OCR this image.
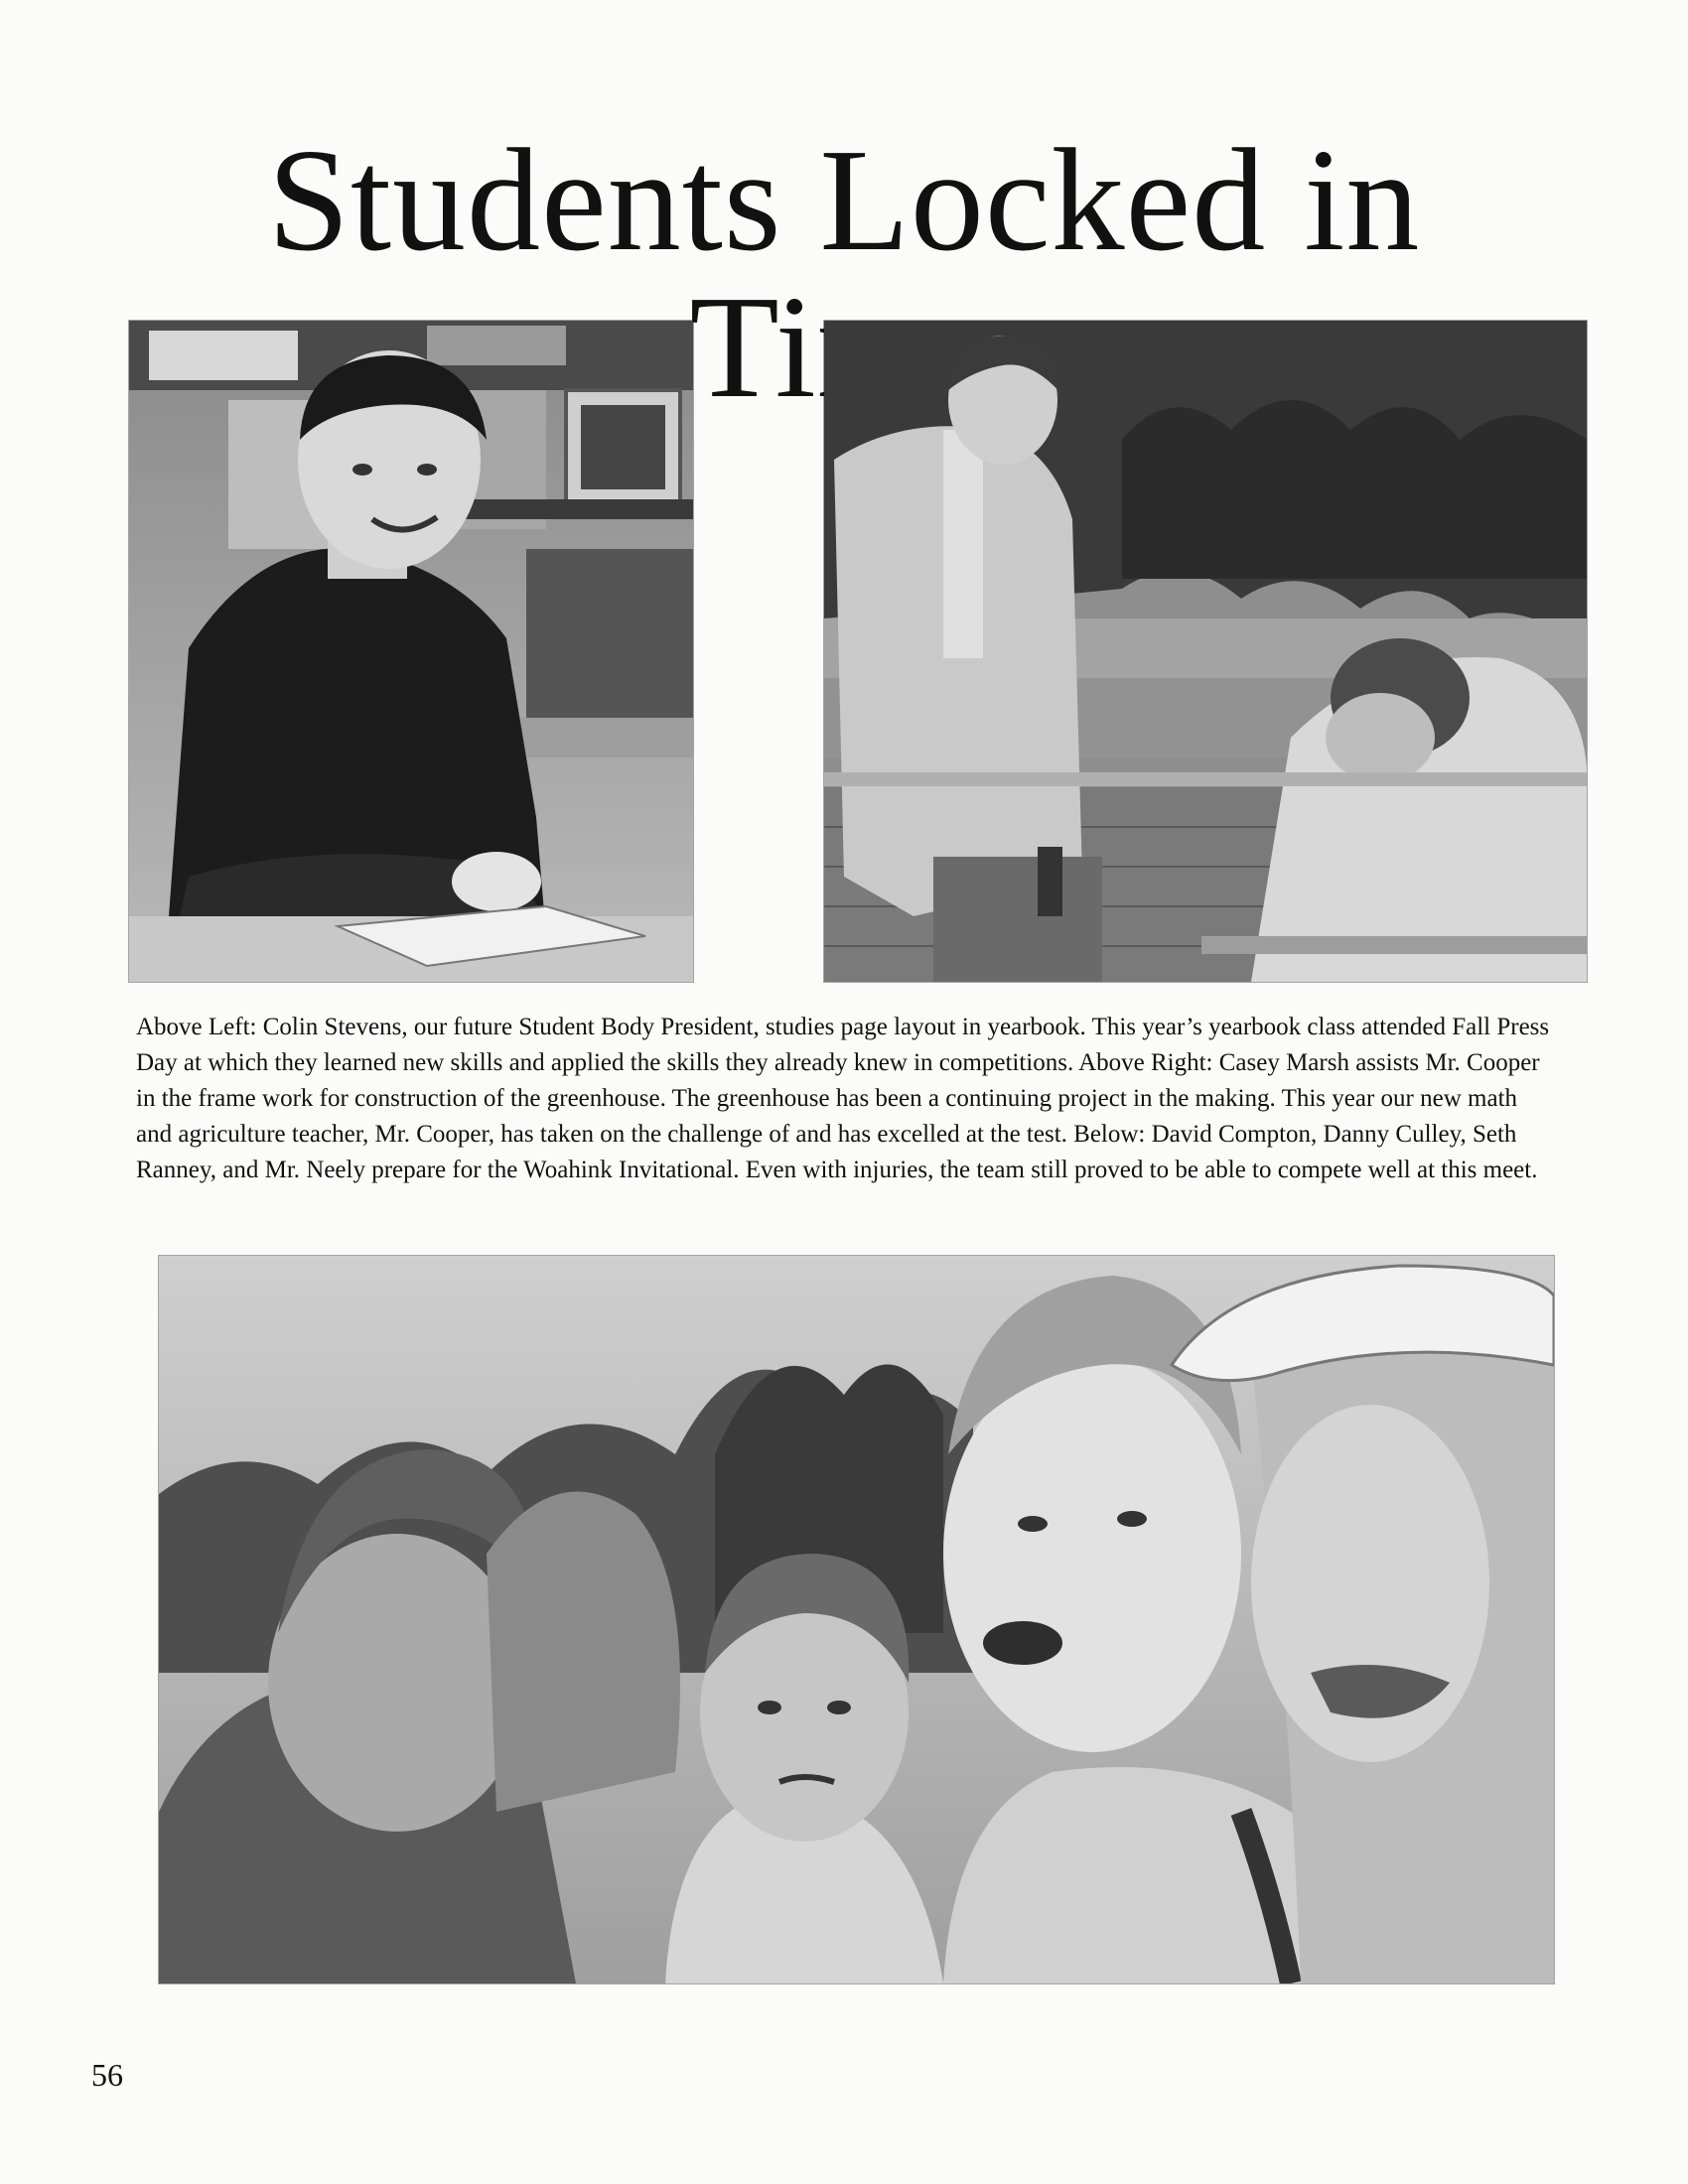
Students Locked in

Above Left: Colin Stevens, our future Student Body President, studies page layout in yearbook. This year’s yearbook class attended Fall Press Day at which they learned new skills and applied the skills they already knew in competitions. Above Right: Casey Marsh assists Mr. Cooper in the frame work for construction of the greenhouse. The greenhouse has been a continuing project in the making. This year our new math and agriculture teacher, Mr. Cooper, has taken on the challenge of and has excelled at the test. Below: David Compton, Danny Culley, Seth Ranney, and Mr. Neely prepare for the Woahink Invitational. Even with injuries, the team still proved to be able to compete well at this meet.

56
